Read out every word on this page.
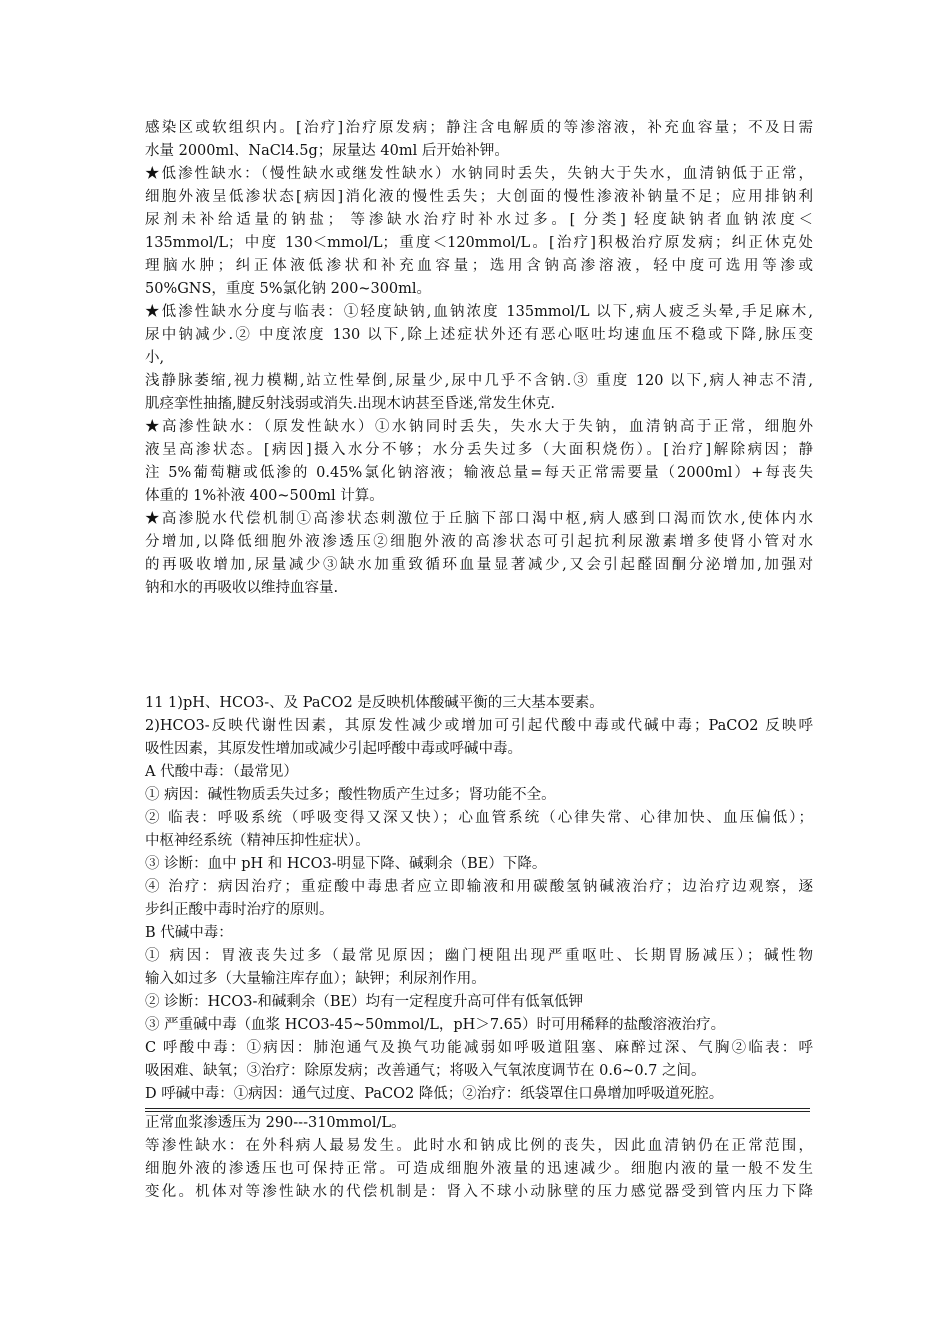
感染区或软组织内。[治疗]治疗原发病；静注含电解质的等渗溶液，补充血容量；不及日需
水量 2000ml、NaCl4.5g；尿量达 40ml 后开始补钾。
★低渗性缺水：（慢性缺水或继发性缺水）水钠同时丢失，失钠大于失水，血清钠低于正常，
细胞外液呈低渗状态[病因]消化液的慢性丢失；大创面的慢性渗液补钠量不足；应用排钠利
尿剂未补给适量的钠盐； 等渗缺水治疗时补水过多。[ 分类] 轻度缺钠者血钠浓度＜
135mmol/L；中度 130＜mmol/L；重度＜120mmol/L。[治疗]积极治疗原发病；纠正休克处
理脑水肿；纠正体液低渗状和补充血容量；选用含钠高渗溶液，轻中度可选用等渗或
50%GNS，重度 5%氯化钠 200~300ml。
★低渗性缺水分度与临表：①轻度缺钠,血钠浓度 135mmol/L 以下,病人疲乏头晕,手足麻木,
尿中钠减少.② 中度浓度 130 以下,除上述症状外还有恶心呕吐均速血压不稳或下降,脉压变
小,
浅静脉萎缩,视力模糊,站立性晕倒,尿量少,尿中几乎不含钠.③ 重度 120 以下,病人神志不清,
肌痉挛性抽搐,腱反射浅弱或消失.出现木讷甚至昏迷,常发生休克.
★高渗性缺水：（原发性缺水）①水钠同时丢失，失水大于失钠，血清钠高于正常，细胞外
液呈高渗状态。[病因]摄入水分不够；水分丢失过多（大面积烧伤）。[治疗]解除病因；静
注 5%葡萄糖或低渗的 0.45%氯化钠溶液；输液总量=每天正常需要量（2000ml）+每丧失
体重的 1%补液 400~500ml 计算。
★高渗脱水代偿机制①高渗状态刺激位于丘脑下部口渴中枢,病人感到口渴而饮水,使体内水
分增加,以降低细胞外液渗透压②细胞外液的高渗状态可引起抗利尿激素增多使肾小管对水
的再吸收增加,尿量减少③缺水加重致循环血量显著减少,又会引起醛固酮分泌增加,加强对
钠和水的再吸收以维持血容量.
11 1)pH、HCO3-、及 PaCO2 是反映机体酸碱平衡的三大基本要素。
2)HCO3-反映代谢性因素，其原发性减少或增加可引起代酸中毒或代碱中毒；PaCO2 反映呼
吸性因素，其原发性增加或减少引起呼酸中毒或呼碱中毒。
A 代酸中毒：（最常见）
① 病因：碱性物质丢失过多；酸性物质产生过多；肾功能不全。
② 临表：呼吸系统（呼吸变得又深又快）；心血管系统（心律失常、心律加快、血压偏低）；
中枢神经系统（精神压抑性症状）。
③ 诊断：血中 pH 和 HCO3-明显下降、碱剩余（BE）下降。
④ 治疗：病因治疗；重症酸中毒患者应立即输液和用碳酸氢钠碱液治疗；边治疗边观察，逐
步纠正酸中毒时治疗的原则。
B 代碱中毒：
① 病因：胃液丧失过多（最常见原因；幽门梗阻出现严重呕吐、长期胃肠减压）；碱性物
输入如过多（大量输注库存血）；缺钾；利尿剂作用。
② 诊断：HCO3-和碱剩余（BE）均有一定程度升高可伴有低氧低钾
③ 严重碱中毒（血浆 HCO3-45~50mmol/L，pH＞7.65）时可用稀释的盐酸溶液治疗。
C 呼酸中毒：①病因：肺泡通气及换气功能减弱如呼吸道阻塞、麻醉过深、气胸②临表：呼
吸困难、缺氧；③治疗：除原发病；改善通气；将吸入气氧浓度调节在 0.6~0.7 之间。
D 呼碱中毒：①病因：通气过度、PaCO2 降低；②治疗：纸袋罩住口鼻增加呼吸道死腔。
正常血浆渗透压为 290---310mmol/L。
等渗性缺水：在外科病人最易发生。此时水和钠成比例的丧失，因此血清钠仍在正常范围，
细胞外液的渗透压也可保持正常。可造成细胞外液量的迅速减少。细胞内液的量一般不发生
变化。机体对等渗性缺水的代偿机制是：肾入不球小动脉壁的压力感觉器受到管内压力下降
